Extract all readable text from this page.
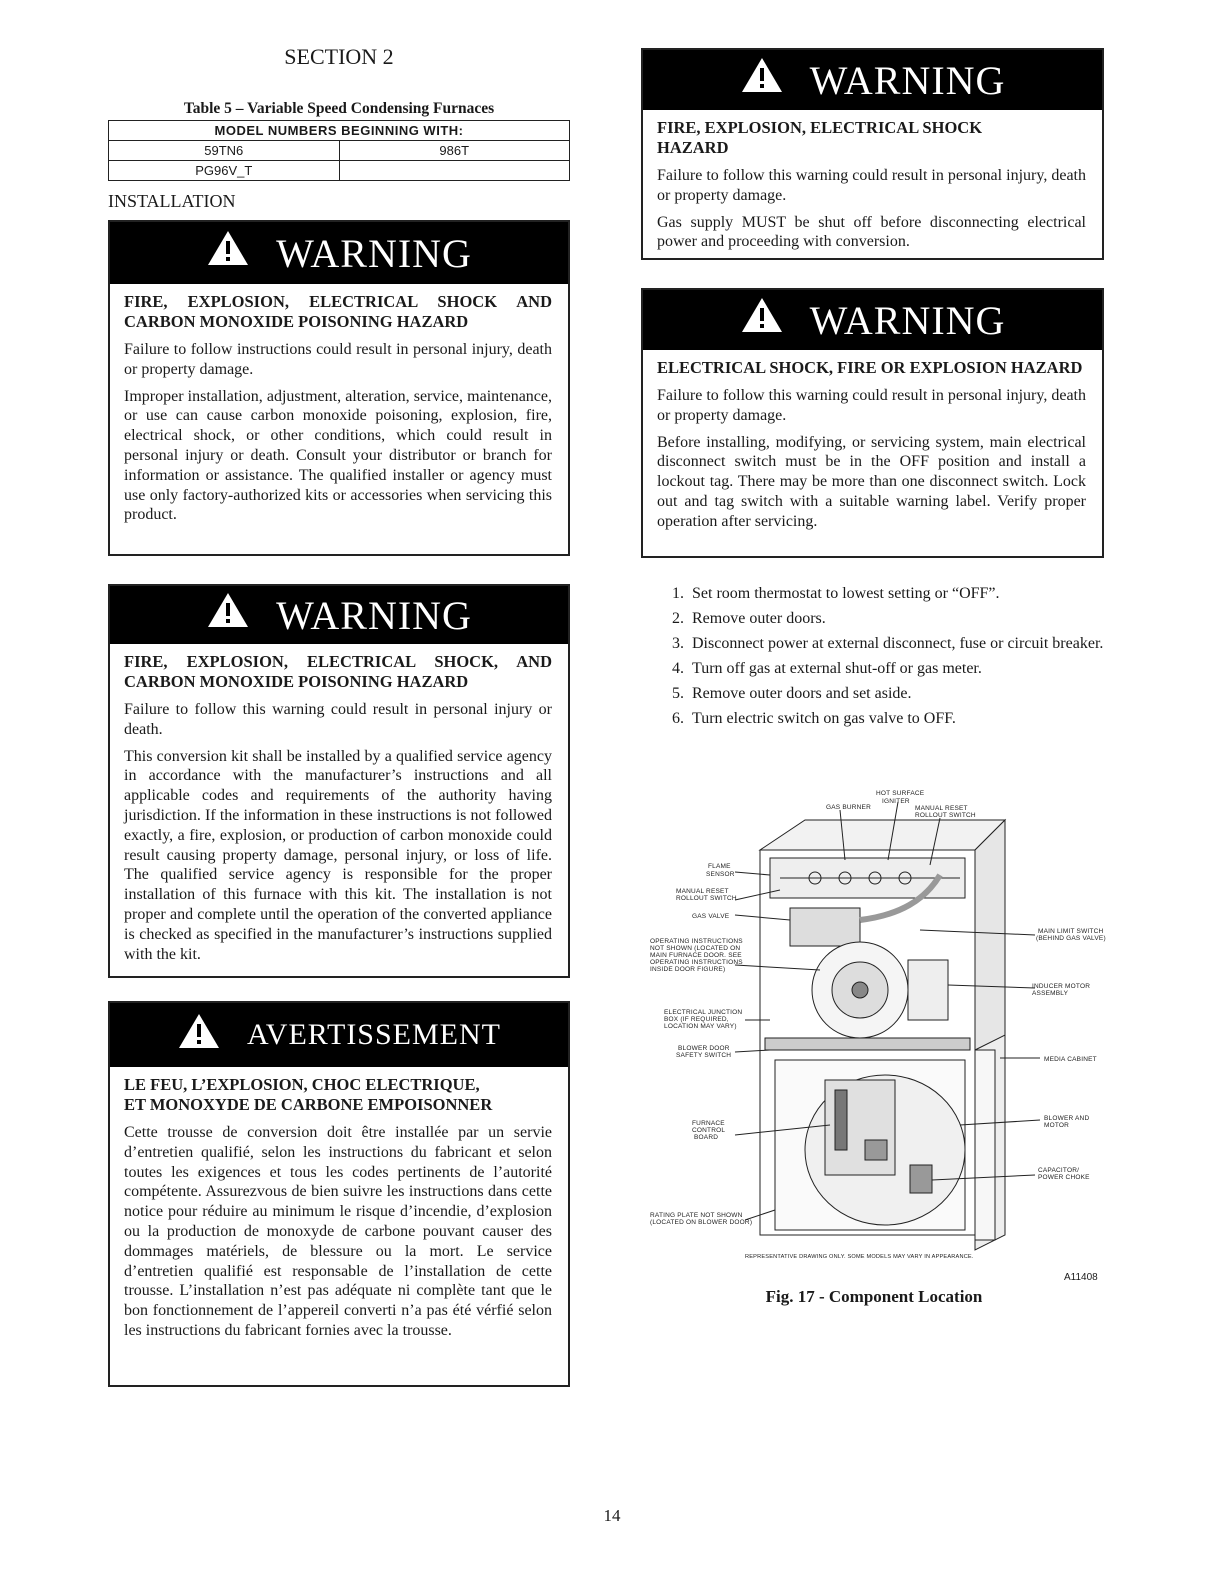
SECTION 2
Table 5 – Variable Speed Condensing Furnaces
MODEL NUMBERS BEGINNING WITH:	
59TN6	986T
PG96V_T	
INSTALLATION
WARNING

FIRE, EXPLOSION, ELECTRICAL SHOCK AND CARBON MONOXIDE POISONING HAZARD

Failure to follow instructions could result in personal injury, death or property damage.

Improper installation, adjustment, alteration, service, maintenance, or use can cause carbon monoxide poisoning, explosion, fire, electrical shock, or other conditions, which could result in personal injury or death. Consult your distributor or branch for information or assistance. The qualified installer or agency must use only factory-authorized kits or accessories when servicing this product.

WARNING

FIRE, EXPLOSION, ELECTRICAL SHOCK, AND CARBON MONOXIDE POISONING HAZARD

Failure to follow this warning could result in personal injury or death.

This conversion kit shall be installed by a qualified service agency in accordance with the manufacturer’s instructions and all applicable codes and requirements of the authority having jurisdiction. If the information in these instructions is not followed exactly, a fire, explosion, or production of carbon monoxide could result causing property damage, personal injury, or loss of life. The qualified service agency is responsible for the proper installation of this furnace with this kit. The installation is not proper and complete until the operation of the converted appliance is checked as specified in the manufacturer’s instructions supplied with the kit.

AVERTISSEMENT

LE FEU, L’EXPLOSION, CHOC ELECTRIQUE, ET MONOXYDE DE CARBONE EMPOISONNER

Cette trousse de conversion doit être installée par un servie d’entretien qualifié, selon les instructions du fabricant et selon toutes les exigences et tous les codes pertinents de l’autorité compétente. Assurezvous de bien suivre les instructions dans cette notice pour réduire au minimum le risque d’incendie, d’explosion ou la production de monoxyde de carbone pouvant causer des dommages matériels, de blessure ou la mort. Le service d’entretien qualifié est responsable de l’installation de cette trousse. L’installation n’est pas adéquate ni complète tant que le bon fonctionnement de l’appereil converti n’a pas été vérfié selon les instructions du fabricant fornies avec la trousse.

WARNING

FIRE, EXPLOSION, ELECTRICAL SHOCK HAZARD

Failure to follow this warning could result in personal injury, death or property damage.

Gas supply MUST be shut off before disconnecting electrical power and proceeding with conversion.

WARNING

ELECTRICAL SHOCK, FIRE OR EXPLOSION HAZARD

Failure to follow this warning could result in personal injury, death or property damage.

Before installing, modifying, or servicing system, main electrical disconnect switch must be in the OFF position and install a lockout tag. There may be more than one disconnect switch. Lock out and tag switch with a suitable warning label. Verify proper operation after servicing.

1. Set room thermostat to lowest setting or “OFF”.
2. Remove outer doors.
3. Disconnect power at external disconnect, fuse or circuit breaker.
4. Turn off gas at external shut-off or gas meter.
5. Remove outer doors and set aside.
6. Turn electric switch on gas valve to OFF.
GAS BURNER
HOT SURFACE
IGNITER
MANUAL RESET
ROLLOUT SWITCH
FLAME
SENSOR
MANUAL RESET
ROLLOUT SWITCH
GAS VALVE
OPERATING INSTRUCTIONS
NOT SHOWN (LOCATED ON
MAIN FURNACE DOOR. SEE
OPERATING INSTRUCTIONS
INSIDE DOOR FIGURE)
ELECTRICAL JUNCTION
BOX (IF REQUIRED,
LOCATION MAY VARY)
BLOWER DOOR
SAFETY SWITCH
FURNACE
CONTROL
BOARD
RATING PLATE NOT SHOWN
(LOCATED ON BLOWER DOOR)
MAIN LIMIT SWITCH
(BEHIND GAS VALVE)
INDUCER MOTOR
ASSEMBLY
MEDIA CABINET
BLOWER AND
MOTOR
CAPACITOR/
POWER CHOKE
REPRESENTATIVE DRAWING ONLY. SOME MODELS MAY VARY IN APPEARANCE.
A11408
Fig. 17 - Component Location
14
